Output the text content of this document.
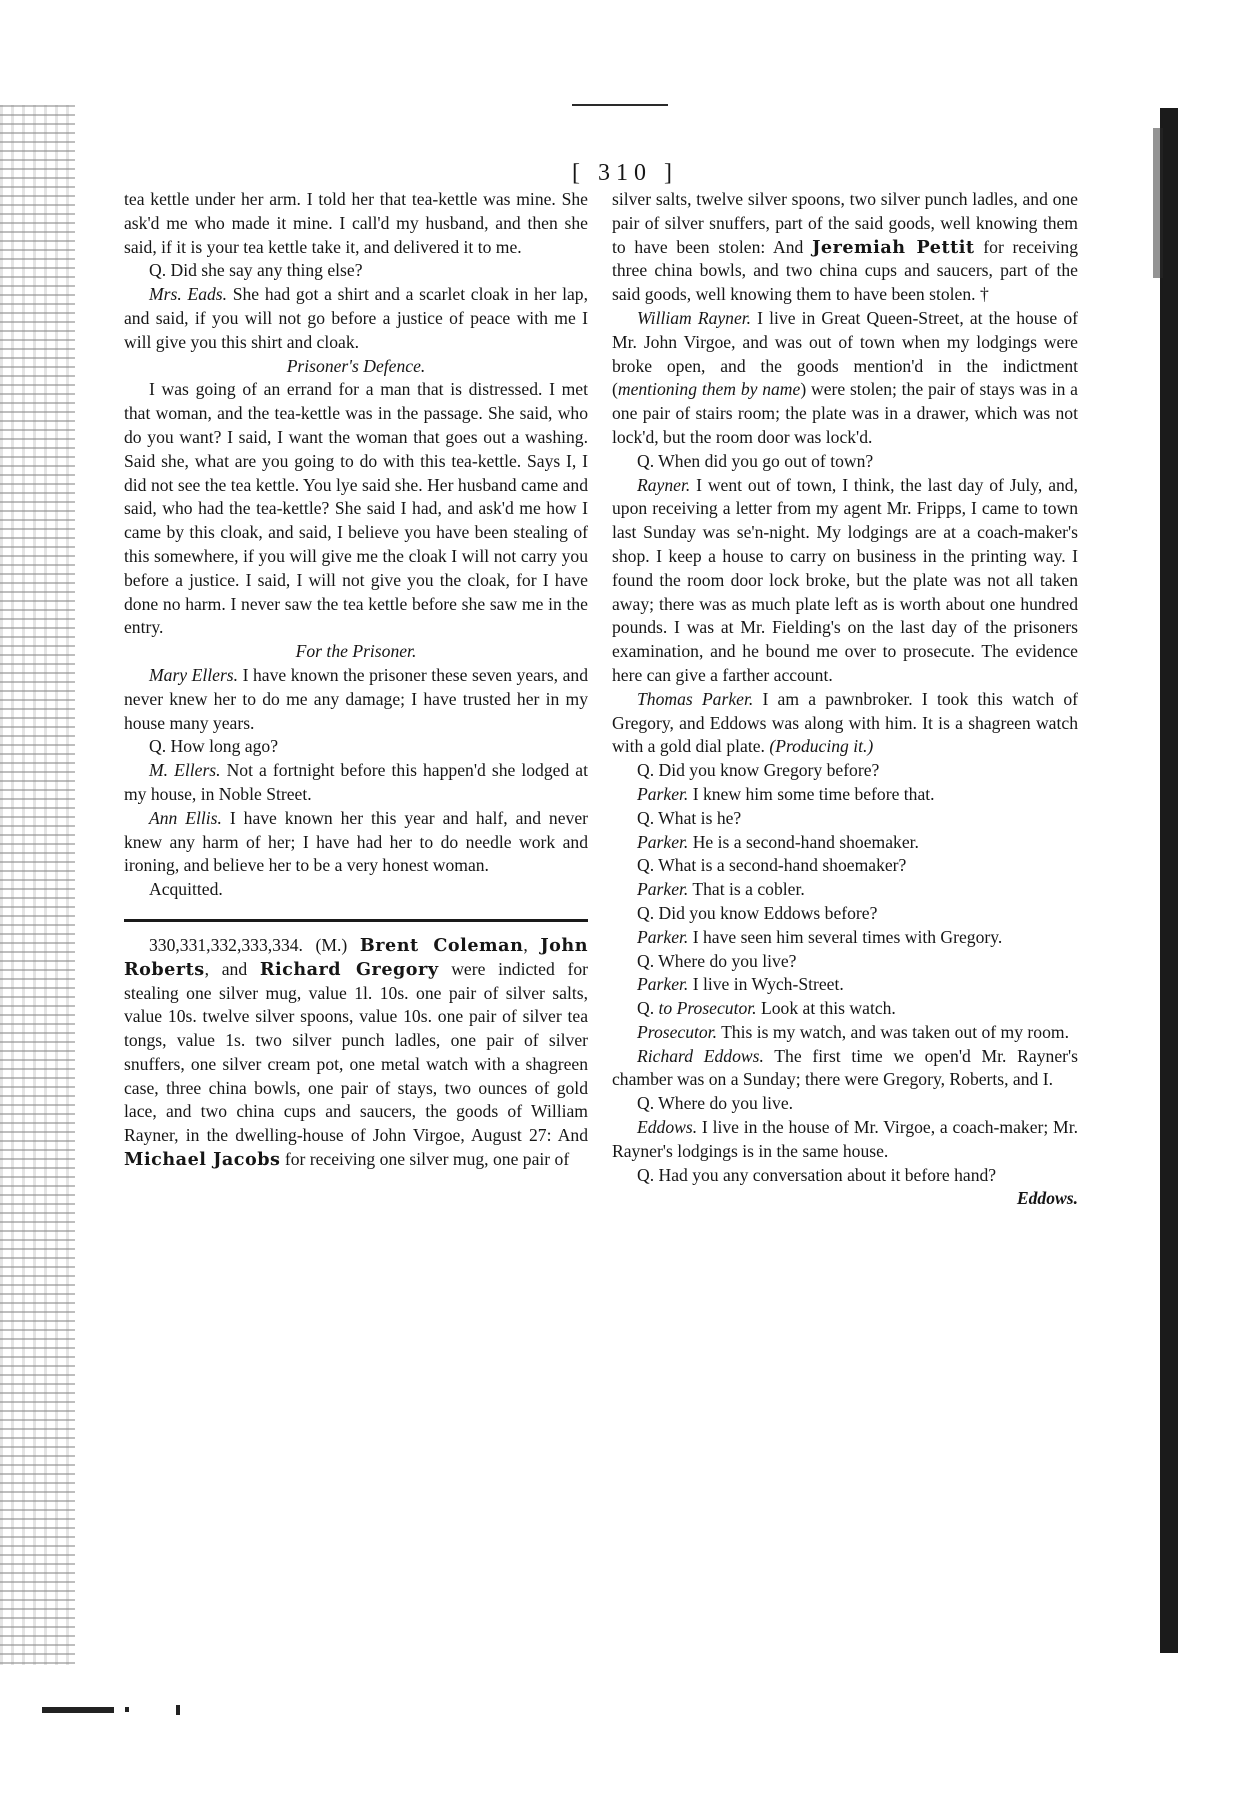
[ 310 ]

tea kettle under her arm. I told her that tea-kettle was mine. She ask'd me who made it mine. I call'd my husband, and then she said, if it is your tea kettle take it, and delivered it to me.

Q. Did she say any thing else?

Mrs. Eads. She had got a shirt and a scarlet cloak in her lap, and said, if you will not go before a justice of peace with me I will give you this shirt and cloak.

Prisoner's Defence.

I was going of an errand for a man that is distressed. I met that woman, and the tea-kettle was in the passage. She said, who do you want? I said, I want the woman that goes out a washing. Said she, what are you going to do with this tea-kettle. Says I, I did not see the tea kettle. You lye said she. Her husband came and said, who had the tea-kettle? She said I had, and ask'd me how I came by this cloak, and said, I believe you have been stealing of this somewhere, if you will give me the cloak I will not carry you before a justice. I said, I will not give you the cloak, for I have done no harm. I never saw the tea kettle before she saw me in the entry.

For the Prisoner.

Mary Ellers. I have known the prisoner these seven years, and never knew her to do me any damage; I have trusted her in my house many years.

Q. How long ago?

M. Ellers. Not a fortnight before this happen'd she lodged at my house, in Noble Street.

Ann Ellis. I have known her this year and half, and never knew any harm of her; I have had her to do needle work and ironing, and believe her to be a very honest woman.

Acquitted.

330,331,332,333,334. (M.) Brent Coleman, John Roberts, and Richard Gregory were indicted for stealing one silver mug, value 1l. 10s. one pair of silver salts, value 10s. twelve silver spoons, value 10s. one pair of silver tea tongs, value 1s. two silver punch ladles, one pair of silver snuffers, one silver cream pot, one metal watch with a shagreen case, three china bowls, one pair of stays, two ounces of gold lace, and two china cups and saucers, the goods of William Rayner, in the dwelling-house of John Virgoe, August 27: And Michael Jacobs for receiving one silver mug, one pair of

silver salts, twelve silver spoons, two silver punch ladles, and one pair of silver snuffers, part of the said goods, well knowing them to have been stolen: And Jeremiah Pettit for receiving three china bowls, and two china cups and saucers, part of the said goods, well knowing them to have been stolen. †

William Rayner. I live in Great Queen-Street, at the house of Mr. John Virgoe, and was out of town when my lodgings were broke open, and the goods mention'd in the indictment (mentioning them by name) were stolen; the pair of stays was in a one pair of stairs room; the plate was in a drawer, which was not lock'd, but the room door was lock'd.

Q. When did you go out of town?

Rayner. I went out of town, I think, the last day of July, and, upon receiving a letter from my agent Mr. Fripps, I came to town last Sunday was se'n-night. My lodgings are at a coach-maker's shop. I keep a house to carry on business in the printing way. I found the room door lock broke, but the plate was not all taken away; there was as much plate left as is worth about one hundred pounds. I was at Mr. Fielding's on the last day of the prisoners examination, and he bound me over to prosecute. The evidence here can give a farther account.

Thomas Parker. I am a pawnbroker. I took this watch of Gregory, and Eddows was along with him. It is a shagreen watch with a gold dial plate. (Producing it.)

Q. Did you know Gregory before?

Parker. I knew him some time before that.

Q. What is he?

Parker. He is a second-hand shoemaker.

Q. What is a second-hand shoemaker?

Parker. That is a cobler.

Q. Did you know Eddows before?

Parker. I have seen him several times with Gregory.

Q. Where do you live?

Parker. I live in Wych-Street.

Q. to Prosecutor. Look at this watch.

Prosecutor. This is my watch, and was taken out of my room.

Richard Eddows. The first time we open'd Mr. Rayner's chamber was on a Sunday; there were Gregory, Roberts, and I.

Q. Where do you live.

Eddows. I live in the house of Mr. Virgoe, a coach-maker; Mr. Rayner's lodgings is in the same house.

Q. Had you any conversation about it before hand?

Eddows.
